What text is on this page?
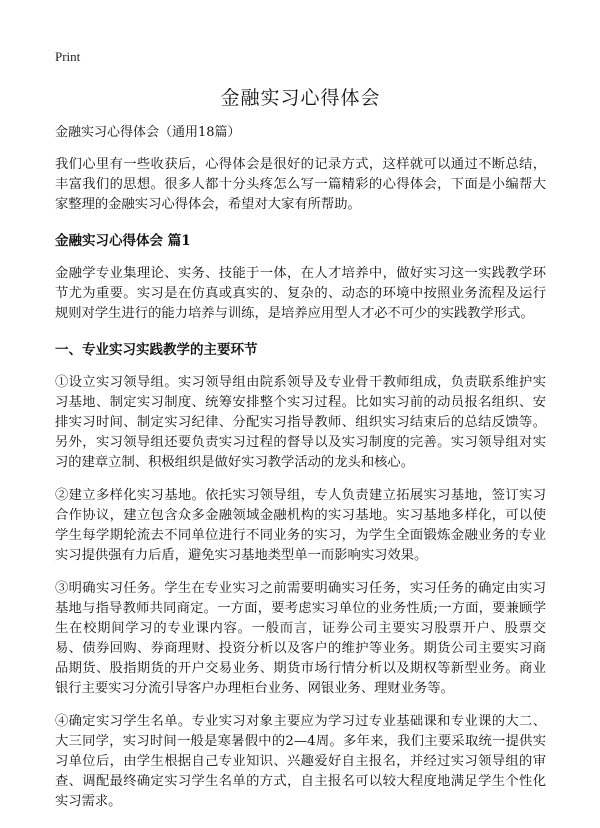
Print
金融实习心得体会
金融实习心得体会（通用18篇）

我们心里有一些收获后，心得体会是很好的记录方式，这样就可以通过不断总结，丰富我们的思想。很多人都十分头疼怎么写一篇精彩的心得体会，下面是小编帮大家整理的金融实习心得体会，希望对大家有所帮助。

金融实习心得体会 篇1

金融学专业集理论、实务、技能于一体，在人才培养中，做好实习这一实践教学环节尤为重要。实习是在仿真或真实的、复杂的、动态的环境中按照业务流程及运行规则对学生进行的能力培养与训练，是培养应用型人才必不可少的实践教学形式。

一、专业实习实践教学的主要环节

①设立实习领导组。实习领导组由院系领导及专业骨干教师组成，负责联系维护实习基地、制定实习制度、统筹安排整个实习过程。比如实习前的动员报名组织、安排实习时间、制定实习纪律、分配实习指导教师、组织实习结束后的总结反馈等。另外，实习领导组还要负责实习过程的督导以及实习制度的完善。实习领导组对实习的建章立制、积极组织是做好实习教学活动的龙头和核心。

②建立多样化实习基地。依托实习领导组，专人负责建立拓展实习基地，签订实习合作协议，建立包含众多金融领域金融机构的实习基地。实习基地多样化，可以使学生每学期轮流去不同单位进行不同业务的实习，为学生全面锻炼金融业务的专业实习提供强有力后盾，避免实习基地类型单一而影响实习效果。

③明确实习任务。学生在专业实习之前需要明确实习任务，实习任务的确定由实习基地与指导教师共同商定。一方面，要考虑实习单位的业务性质;一方面，要兼顾学生在校期间学习的专业课内容。一般而言，证券公司主要实习股票开户、股票交易、债券回购、券商理财、投资分析以及客户的维护等业务。期货公司主要实习商品期货、股指期货的开户交易业务、期货市场行情分析以及期权等新型业务。商业银行主要实习分流引导客户办理柜台业务、网银业务、理财业务等。

④确定实习学生名单。专业实习对象主要应为学习过专业基础课和专业课的大二、大三同学，实习时间一般是寒暑假中的2—4周。多年来，我们主要采取统一提供实习单位后，由学生根据自己专业知识、兴趣爱好自主报名，并经过实习领导组的审查、调配最终确定实习学生名单的方式，自主报名可以较大程度地满足学生个性化实习需求。
